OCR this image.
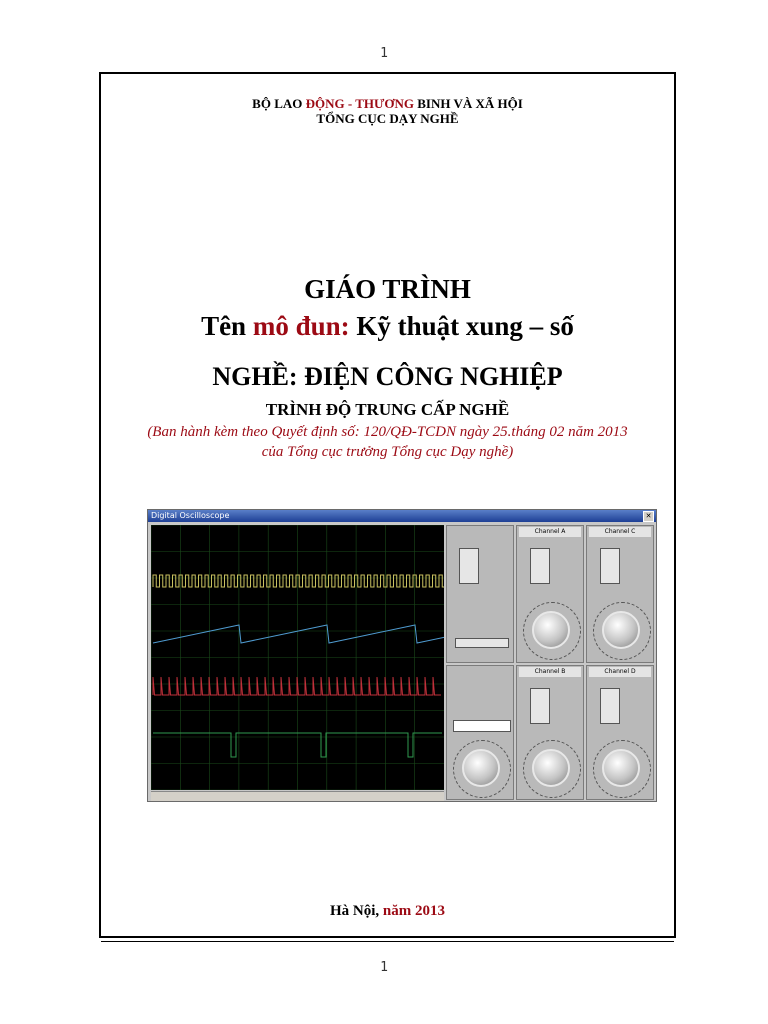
1
BỘ LAO ĐỘNG - THƯƠNG BINH VÀ XÃ HỘI
TỔNG CỤC DẠY NGHỀ
GIÁO TRÌNH
Tên mô đun: Kỹ thuật xung – số
NGHỀ: ĐIỆN CÔNG NGHIỆP
TRÌNH ĐỘ TRUNG CẤP NGHỀ
(Ban hành kèm theo Quyết định số: 120/QĐ-TCDN ngày 25.tháng 02 năm 2013
của Tổng cục trưởng Tổng cục Dạy nghề)
Hà Nội, năm 2013
Digital Oscilloscope	✕
Channel A	Channel C
Channel B	Channel D
1
